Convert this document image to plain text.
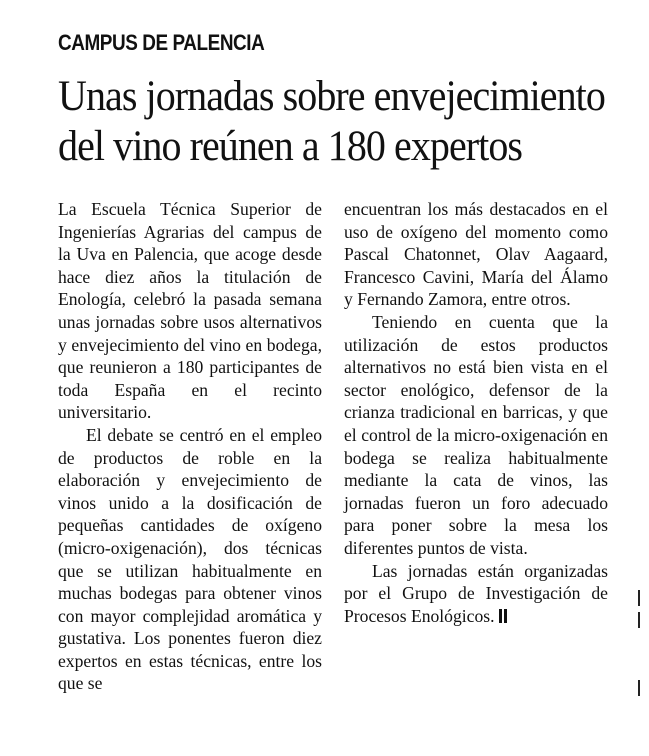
CAMPUS DE PALENCIA
Unas jornadas sobre envejecimiento
del vino reúnen a 180 expertos

La Escuela Técnica Superior de Ingenierías Agrarias del campus de la Uva en Palencia, que acoge desde hace diez años la titulación de Enología, celebró la pasada semana unas jornadas sobre usos alternativos y envejecimiento del vino en bodega, que reunieron a 180 participantes de toda España en el recinto universitario.

El debate se centró en el empleo de productos de roble en la elaboración y envejecimiento de vinos unido a la dosificación de pequeñas cantidades de oxígeno (micro-oxigenación), dos técnicas que se utilizan habitualmente en muchas bodegas para obtener vinos con mayor complejidad aromática y gustativa. Los ponentes fueron diez expertos en estas técnicas, entre los que se

encuentran los más destacados en el uso de oxígeno del momento como Pascal Chatonnet, Olav Aagaard, Francesco Cavini, María del Álamo y Fernando Zamora, entre otros.

Teniendo en cuenta que la utilización de estos productos alternativos no está bien vista en el sector enológico, defensor de la crianza tradicional en barricas, y que el control de la micro-oxigenación en bodega se realiza habitualmente mediante la cata de vinos, las jornadas fueron un foro adecuado para poner sobre la mesa los diferentes puntos de vista.

Las jornadas están organizadas por el Grupo de Investigación de Procesos Enológicos.
